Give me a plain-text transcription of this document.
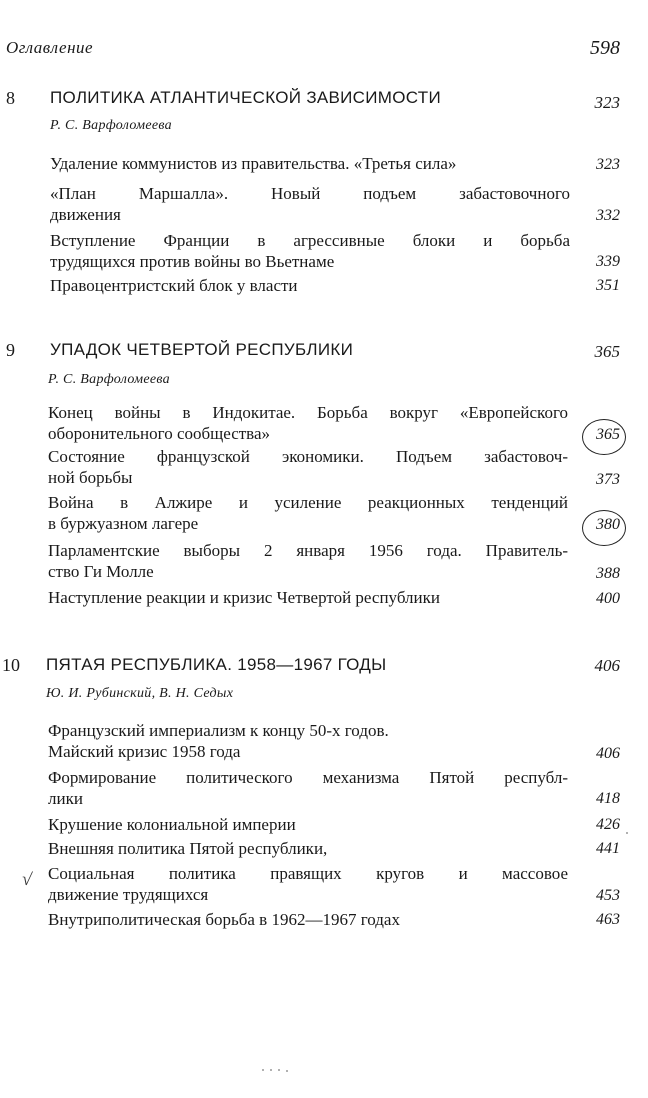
Оглавление	598
8 ПОЛИТИКА АТЛАНТИЧЕСКОЙ ЗАВИСИМОСТИ	323
Р. С. Варфоломеева
Удаление коммунистов из правительства. «Третья сила»	323
«План Маршалла». Новый подъем забастовочного
движения	332
Вступление Франции в агрессивные блоки и борьба
трудящихся против войны во Вьетнаме	339
Правоцентристский блок у власти	351
9 УПАДОК ЧЕТВЕРТОЙ РЕСПУБЛИКИ	365
Р. С. Варфоломеева
Конец войны в Индокитае. Борьба вокруг «Европейского
оборонительного сообщества»	365
Состояние французской экономики. Подъем забастовоч-
ной борьбы	373
Война в Алжире и усиление реакционных тенденций
в буржуазном лагере	380
Парламентские выборы 2 января 1956 года. Правитель-
ство Ги Молле	388
Наступление реакции и кризис Четвертой республики	400
10 ПЯТАЯ РЕСПУБЛИКА. 1958—1967 ГОДЫ	406
Ю. И. Рубинский, В. Н. Седых
Французский империализм к концу 50-х годов.
Майский кризис 1958 года	406
Формирование политического механизма Пятой республ-
лики	418
Крушение колониальной империи	426
Внешняя политика Пятой республики,	441
√ Социальная политика правящих кругов и массовое
движение трудящихся	453
Внутриполитическая борьба в 1962—1967 годах	463
